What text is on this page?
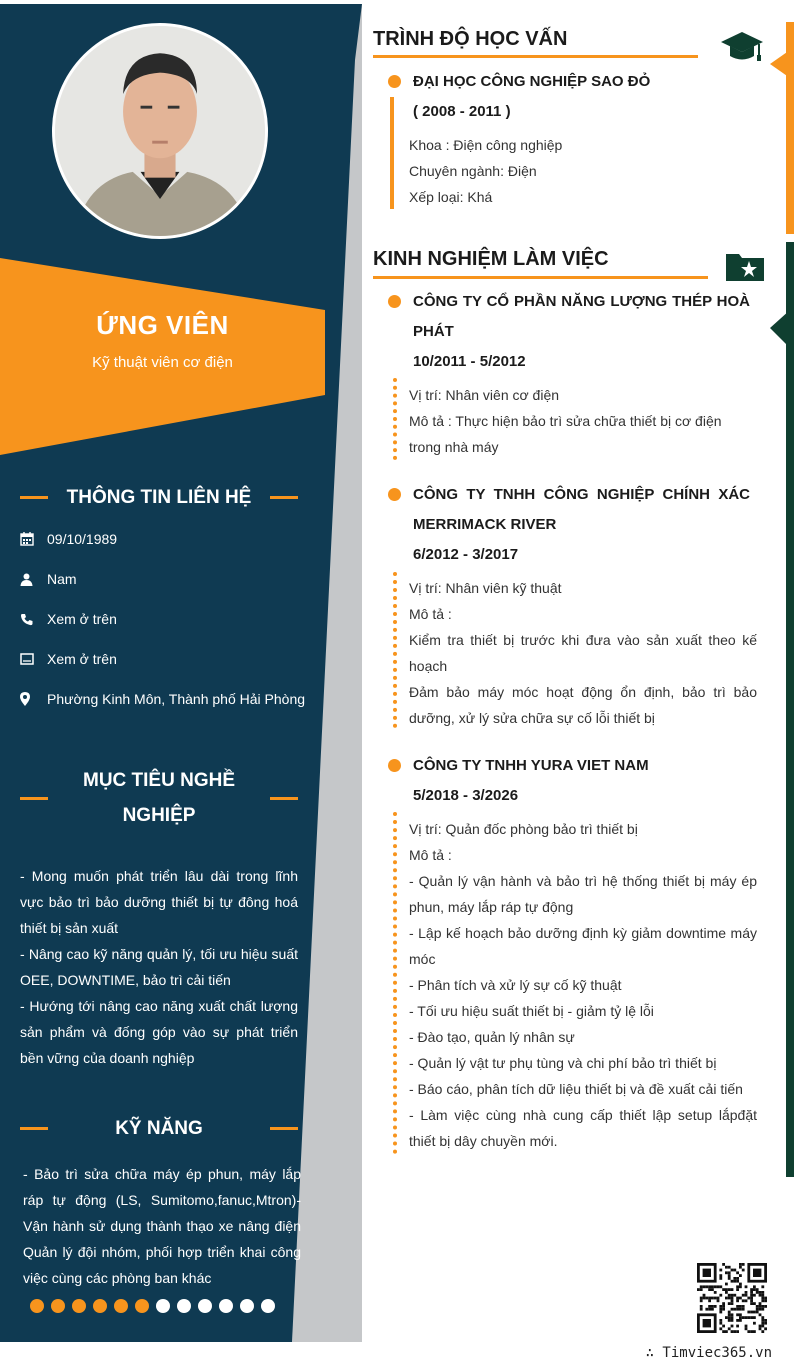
ỨNG VIÊN
Kỹ thuật viên cơ điện
THÔNG TIN LIÊN HỆ
09/10/1989
Nam
Xem ở trên
Xem ở trên
Phường Kinh Môn, Thành phố Hải Phòng
MỤC TIÊU NGHỀ
NGHIỆP

- Mong muốn phát triển lâu dài trong lĩnh vực bảo trì bảo dưỡng thiết bị tự đông hoá thiết bị sản xuất

- Nâng cao kỹ năng quản lý, tối ưu hiệu suất OEE, DOWNTIME, bảo trì cải tiến

- Hướng tới nâng cao năng xuất chất lượng sản phẩm và đống góp vào sự phát triển bền vững của doanh nghiệp

KỸ NĂNG

- Bảo trì sửa chữa máy ép phun, máy lắp ráp tự động (LS, Sumitomo,fanuc,Mtron)- Vận hành sử dụng thành thạo xe nâng điện Quản lý đội nhóm, phối hợp triển khai công việc cùng các phòng ban khác

TRÌNH ĐỘ HỌC VẤN
ĐẠI HỌC CÔNG NGHIỆP SAO ĐỎ
( 2008 - 2011 )

Khoa : Điện công nghiệp

Chuyên ngành: Điện

Xếp loại: Khá

KINH NGHIỆM LÀM VIỆC
CÔNG TY CỔ PHẦN NĂNG LƯỢNG THÉP HOÀ
PHÁT
10/2011 - 5/2012

Vị trí: Nhân viên cơ điện

Mô tả : Thực hiện bảo trì sửa chữa thiết bị cơ điện trong nhà máy

CÔNG TY TNHH CÔNG NGHIỆP CHÍNH XÁC
MERRIMACK RIVER
6/2012 - 3/2017

Vị trí: Nhân viên kỹ thuật

Mô tả :

Kiểm tra thiết bị trước khi đưa vào sản xuất theo kế hoạch

Đảm bảo máy móc hoạt động ổn định, bảo trì bảo dưỡng, xử lý sửa chữa sự cố lỗi thiết bị

CÔNG TY TNHH YURA VIET NAM
5/2018 - 3/2026

Vị trí: Quản đốc phòng bảo trì thiết bị

Mô tả :

- Quản lý vận hành và bảo trì hệ thống thiết bị máy ép phun, máy lắp ráp tự động

- Lập kế hoạch bảo dưỡng định kỳ giảm downtime máy móc

- Phân tích và xử lý sự cố kỹ thuật

- Tối ưu hiệu suất thiết bị - giảm tỷ lệ lỗi

- Đào tạo, quản lý nhân sự

- Quản lý vật tư phụ tùng và chi phí bảo trì thiết bị

- Báo cáo, phân tích dữ liệu thiết bị và đề xuất cải tiến

- Làm việc cùng nhà cung cấp thiết lập setup lắpđặt thiết bị dây chuyền mới.

∴ Timviec365.vn
